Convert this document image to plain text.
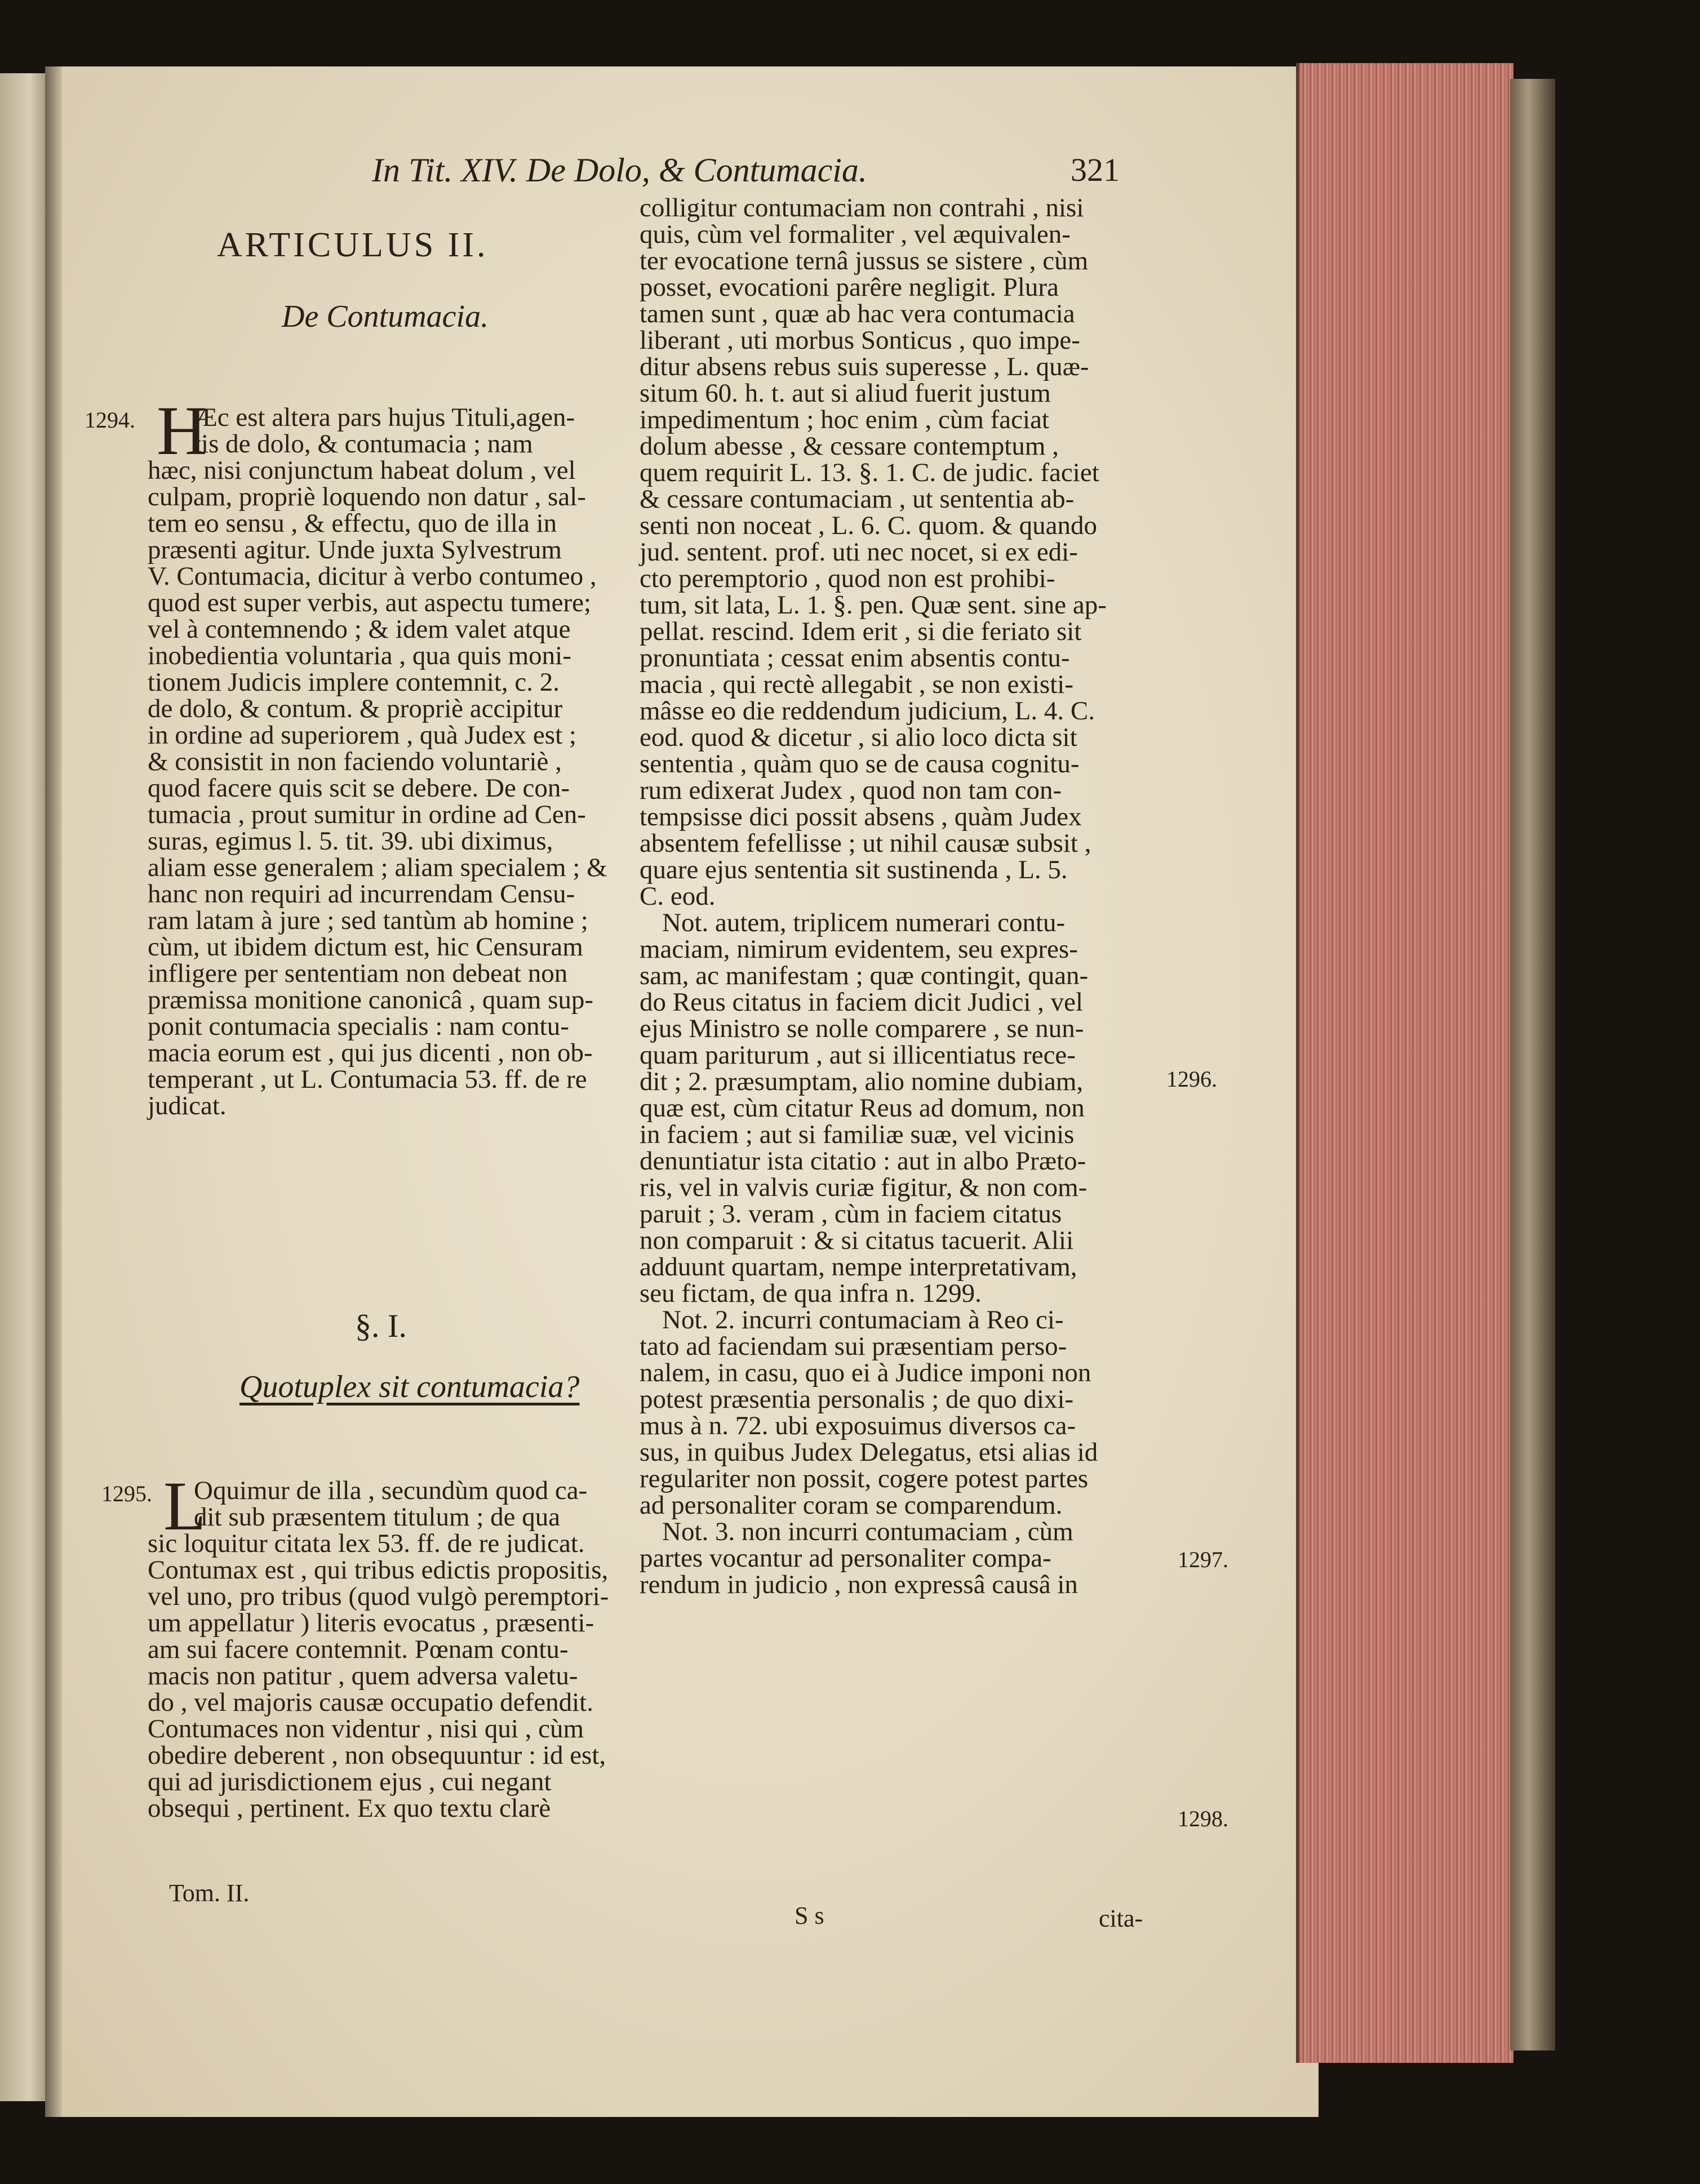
In Tit. XIV. De Dolo, & Contumacia.	321
ARTICULUS II.
De Contumacia.
§. I.
Quotuplex sit contumacia?
1294.
1295.
1296.
1297.
1298.
H
L

Æc est altera pars hujus Tituli,agen-

tis de dolo, & contumacia ; nam

hæc, nisi conjunctum habeat dolum , vel

culpam, propriè loquendo non datur , sal-

tem eo sensu , & effectu, quo de illa in

præsenti agitur. Unde juxta Sylvestrum

V. Contumacia, dicitur à verbo contumeo ,

quod est super verbis, aut aspectu tumere;

vel à contemnendo ; & idem valet atque

inobedientia voluntaria , qua quis moni-

tionem Judicis implere contemnit, c. 2.

de dolo, & contum. & propriè accipitur

in ordine ad superiorem , quà Judex est ;

& consistit in non faciendo voluntariè ,

quod facere quis scit se debere. De con-

tumacia , prout sumitur in ordine ad Cen-

suras, egimus l. 5. tit. 39. ubi diximus,

aliam esse generalem ; aliam specialem ; &

hanc non requiri ad incurrendam Censu-

ram latam à jure ; sed tantùm ab homine ;

cùm, ut ibidem dictum est, hic Censuram

infligere per sententiam non debeat non

præmissa monitione canonicâ , quam sup-

ponit contumacia specialis : nam contu-

macia eorum est , qui jus dicenti , non ob-

temperant , ut L. Contumacia 53. ff. de re

judicat.

Oquimur de illa , secundùm quod ca-

dit sub præsentem titulum ; de qua

sic loquitur citata lex 53. ff. de re judicat.

Contumax est , qui tribus edictis propositis,

vel uno, pro tribus (quod vulgò peremptori-

um appellatur ) literis evocatus , præsenti-

am sui facere contemnit. Pœnam contu-

macis non patitur , quem adversa valetu-

do , vel majoris causæ occupatio defendit.

Contumaces non videntur , nisi qui , cùm

obedire deberent , non obsequuntur : id est,

qui ad jurisdictionem ejus , cui negant

obsequi , pertinent. Ex quo textu clarè

Tom. II.

colligitur contumaciam non contrahi , nisi

quis, cùm vel formaliter , vel æquivalen-

ter evocatione ternâ jussus se sistere , cùm

posset, evocationi parêre negligit. Plura

tamen sunt , quæ ab hac vera contumacia

liberant , uti morbus Sonticus , quo impe-

ditur absens rebus suis superesse , L. quæ-

situm 60. h. t. aut si aliud fuerit justum

impedimentum ; hoc enim , cùm faciat

dolum abesse , & cessare contemptum ,

quem requirit L. 13. §. 1. C. de judic. faciet

& cessare contumaciam , ut sententia ab-

senti non noceat , L. 6. C. quom. & quando

jud. sentent. prof. uti nec nocet, si ex edi-

cto peremptorio , quod non est prohibi-

tum, sit lata, L. 1. §. pen. Quæ sent. sine ap-

pellat. rescind. Idem erit , si die feriato sit

pronuntiata ; cessat enim absentis contu-

macia , qui rectè allegabit , se non existi-

mâsse eo die reddendum judicium, L. 4. C.

eod. quod & dicetur , si alio loco dicta sit

sententia , quàm quo se de causa cognitu-

rum edixerat Judex , quod non tam con-

tempsisse dici possit absens , quàm Judex

absentem fefellisse ; ut nihil causæ subsit ,

quare ejus sententia sit sustinenda , L. 5.

C. eod.

Not. autem, triplicem numerari contu-

maciam, nimirum evidentem, seu expres-

sam, ac manifestam ; quæ contingit, quan-

do Reus citatus in faciem dicit Judici , vel

ejus Ministro se nolle comparere , se nun-

quam pariturum , aut si illicentiatus rece-

dit ; 2. præsumptam, alio nomine dubiam,

quæ est, cùm citatur Reus ad domum, non

in faciem ; aut si familiæ suæ, vel vicinis

denuntiatur ista citatio : aut in albo Præto-

ris, vel in valvis curiæ figitur, & non com-

paruit ; 3. veram , cùm in faciem citatus

non comparuit : & si citatus tacuerit. Alii

adduunt quartam, nempe interpretativam,

seu fictam, de qua infra n. 1299.

Not. 2. incurri contumaciam à Reo ci-

tato ad faciendam sui præsentiam perso-

nalem, in casu, quo ei à Judice imponi non

potest præsentia personalis ; de quo dixi-

mus à n. 72. ubi exposuimus diversos ca-

sus, in quibus Judex Delegatus, etsi alias id

regulariter non possit, cogere potest partes

ad personaliter coram se comparendum.

Not. 3. non incurri contumaciam , cùm

partes vocantur ad personaliter compa-

rendum in judicio , non expressâ causâ in

S s	cita-
